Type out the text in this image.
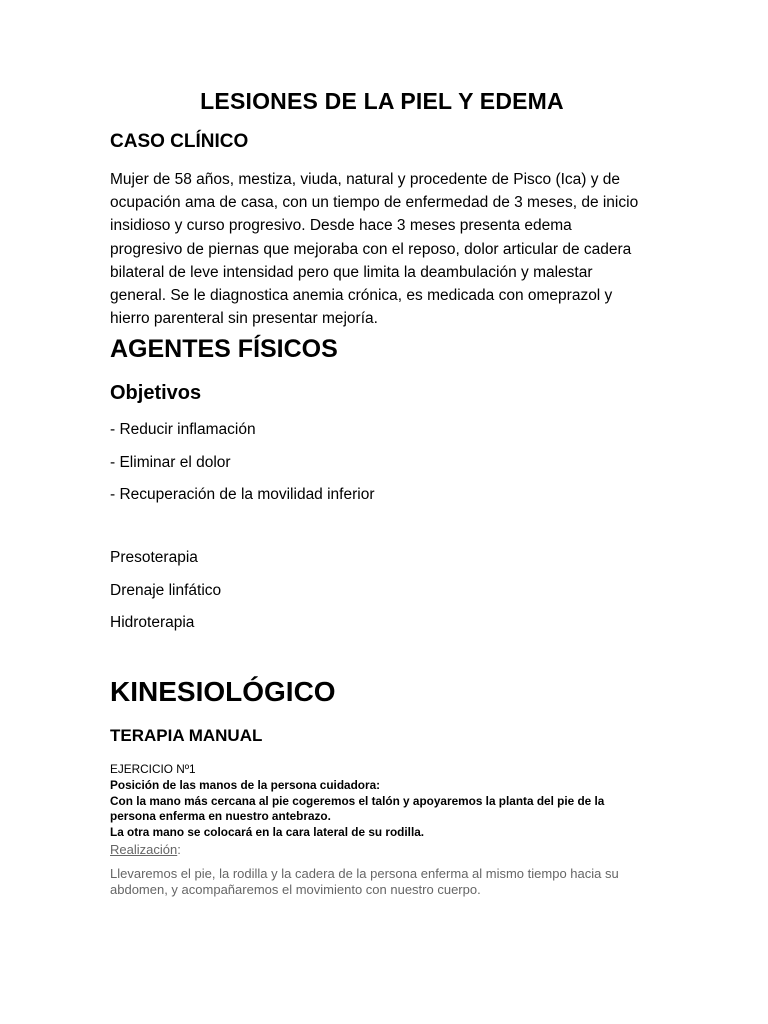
LESIONES DE LA PIEL Y EDEMA
CASO CLÍNICO

Mujer de 58 años, mestiza, viuda, natural y procedente de Pisco (Ica) y de ocupación ama de casa, con un tiempo de enfermedad de 3 meses, de inicio insidioso y curso progresivo. Desde hace 3 meses presenta edema progresivo de piernas que mejoraba con el reposo, dolor articular de cadera bilateral de leve intensidad pero que limita la deambulación y malestar general. Se le diagnostica anemia crónica, es medicada con omeprazol y hierro parenteral sin presentar mejoría.

AGENTES FÍSICOS
Objetivos

- Reducir inflamación

- Eliminar el dolor

- Recuperación de la movilidad inferior

Presoterapia

Drenaje linfático

Hidroterapia

KINESIOLÓGICO
TERAPIA MANUAL
EJERCICIO Nº1
Posición de las manos de la persona cuidadora:
Con la mano más cercana al pie cogeremos el talón y apoyaremos la planta del pie de la persona enferma en nuestro antebrazo.
La otra mano se colocará en la cara lateral de su rodilla.

Realización:

Llevaremos el pie, la rodilla y la cadera de la persona enferma al mismo tiempo hacia su abdomen, y acompañaremos el movimiento con nuestro cuerpo.
